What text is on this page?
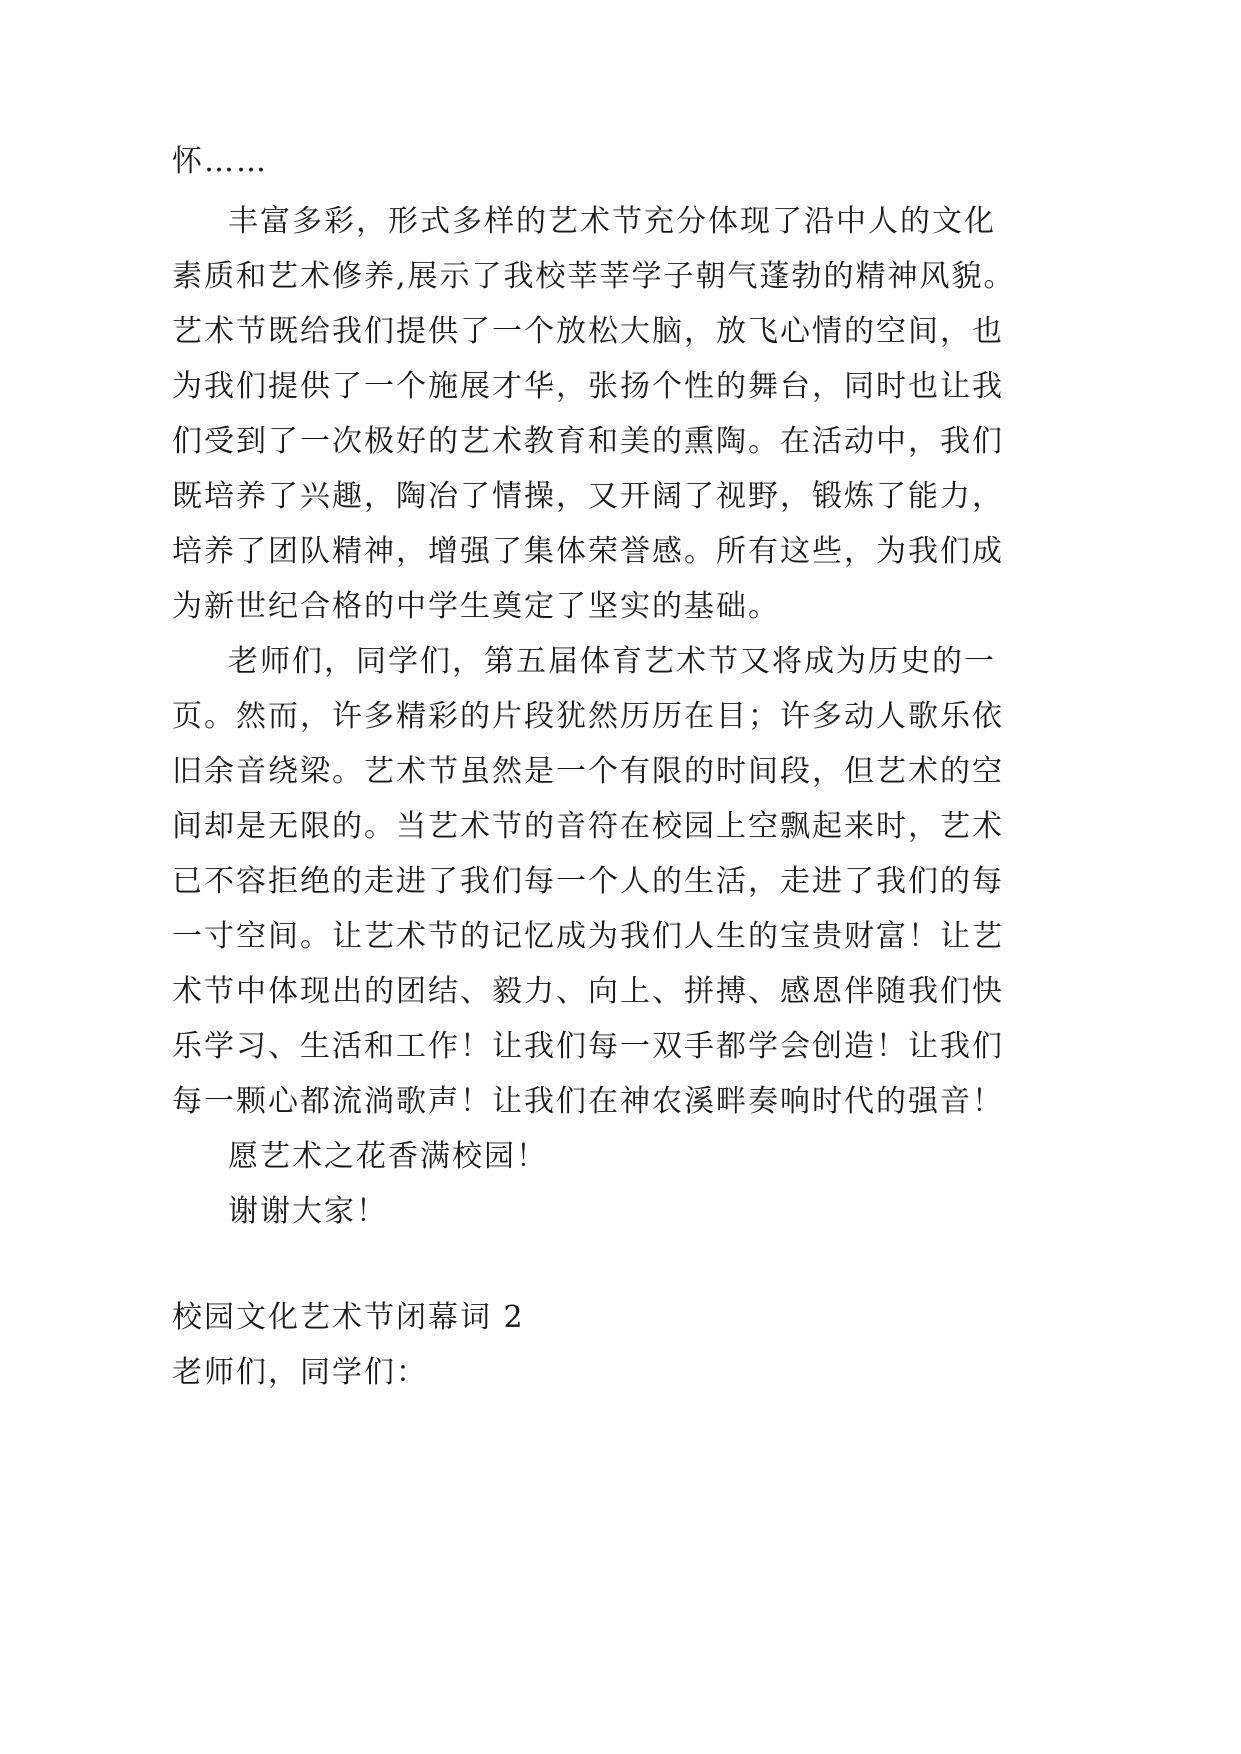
怀……
丰富多彩，形式多样的艺术节充分体现了沿中人的文化
素质和艺术修养,展示了我校莘莘学子朝气蓬勃的精神风貌。
艺术节既给我们提供了一个放松大脑，放飞心情的空间，也
为我们提供了一个施展才华，张扬个性的舞台，同时也让我
们受到了一次极好的艺术教育和美的熏陶。在活动中，我们
既培养了兴趣，陶冶了情操，又开阔了视野，锻炼了能力，
培养了团队精神，增强了集体荣誉感。所有这些，为我们成
为新世纪合格的中学生奠定了坚实的基础。
老师们，同学们，第五届体育艺术节又将成为历史的一
页。然而，许多精彩的片段犹然历历在目；许多动人歌乐依
旧余音绕梁。艺术节虽然是一个有限的时间段，但艺术的空
间却是无限的。当艺术节的音符在校园上空飘起来时，艺术
已不容拒绝的走进了我们每一个人的生活，走进了我们的每
一寸空间。让艺术节的记忆成为我们人生的宝贵财富！让艺
术节中体现出的团结、毅力、向上、拼搏、感恩伴随我们快
乐学习、生活和工作！让我们每一双手都学会创造！让我们
每一颗心都流淌歌声！让我们在神农溪畔奏响时代的强音！
愿艺术之花香满校园！
谢谢大家！
校园文化艺术节闭幕词 2
老师们，同学们：
